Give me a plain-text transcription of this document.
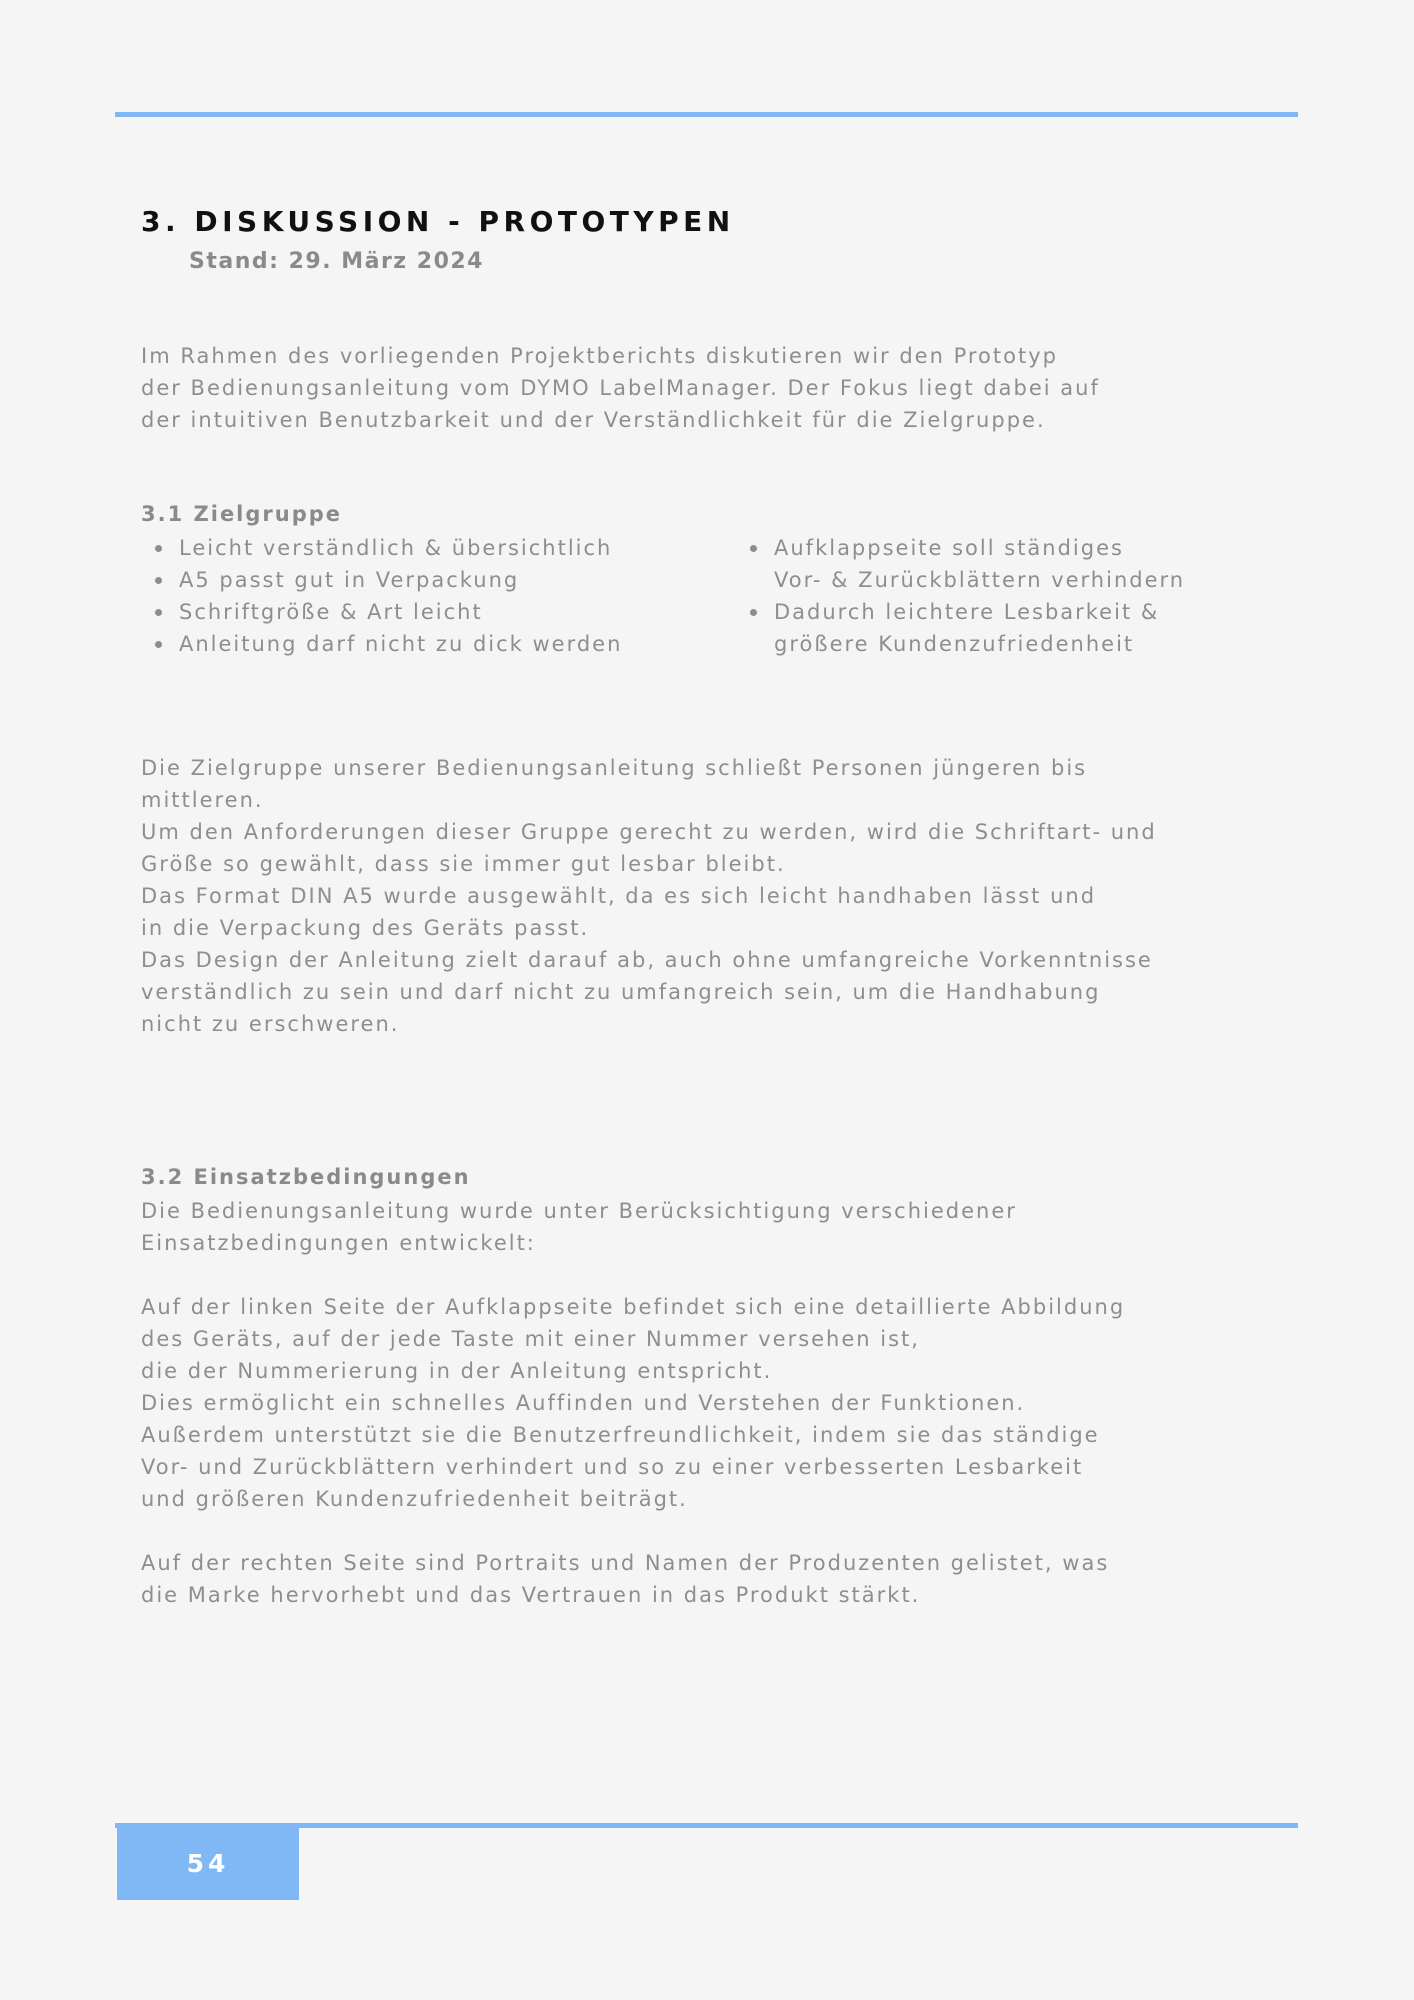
3. DISKUSSION - PROTOTYPEN
Stand: 29. März 2024
Im Rahmen des vorliegenden Projektberichts diskutieren wir den Prototyp
der Bedienungsanleitung vom DYMO LabelManager. Der Fokus liegt dabei auf
der intuitiven Benutzbarkeit und der Verständlichkeit für die Zielgruppe.
3.1 Zielgruppe
Leicht verständlich & übersichtlich
A5 passt gut in Verpackung
Schriftgröße & Art leicht
Anleitung darf nicht zu dick werden
Aufklappseite soll ständiges
Vor- & Zurückblättern verhindern
Dadurch leichtere Lesbarkeit &
größere Kundenzufriedenheit
Die Zielgruppe unserer Bedienungsanleitung schließt Personen jüngeren bis
mittleren.
Um den Anforderungen dieser Gruppe gerecht zu werden, wird die Schriftart- und
Größe so gewählt, dass sie immer gut lesbar bleibt.
Das Format DIN A5 wurde ausgewählt, da es sich leicht handhaben lässt und
in die Verpackung des Geräts passt.
Das Design der Anleitung zielt darauf ab, auch ohne umfangreiche Vorkenntnisse
verständlich zu sein und darf nicht zu umfangreich sein, um die Handhabung
nicht zu erschweren.
3.2 Einsatzbedingungen
Die Bedienungsanleitung wurde unter Berücksichtigung verschiedener
Einsatzbedingungen entwickelt:
Auf der linken Seite der Aufklappseite befindet sich eine detaillierte Abbildung
des Geräts, auf der jede Taste mit einer Nummer versehen ist,
die der Nummerierung in der Anleitung entspricht.
Dies ermöglicht ein schnelles Auffinden und Verstehen der Funktionen.
Außerdem unterstützt sie die Benutzerfreundlichkeit, indem sie das ständige
Vor- und Zurückblättern verhindert und so zu einer verbesserten Lesbarkeit
und größeren Kundenzufriedenheit beiträgt.
Auf der rechten Seite sind Portraits und Namen der Produzenten gelistet, was
die Marke hervorhebt und das Vertrauen in das Produkt stärkt.
54
